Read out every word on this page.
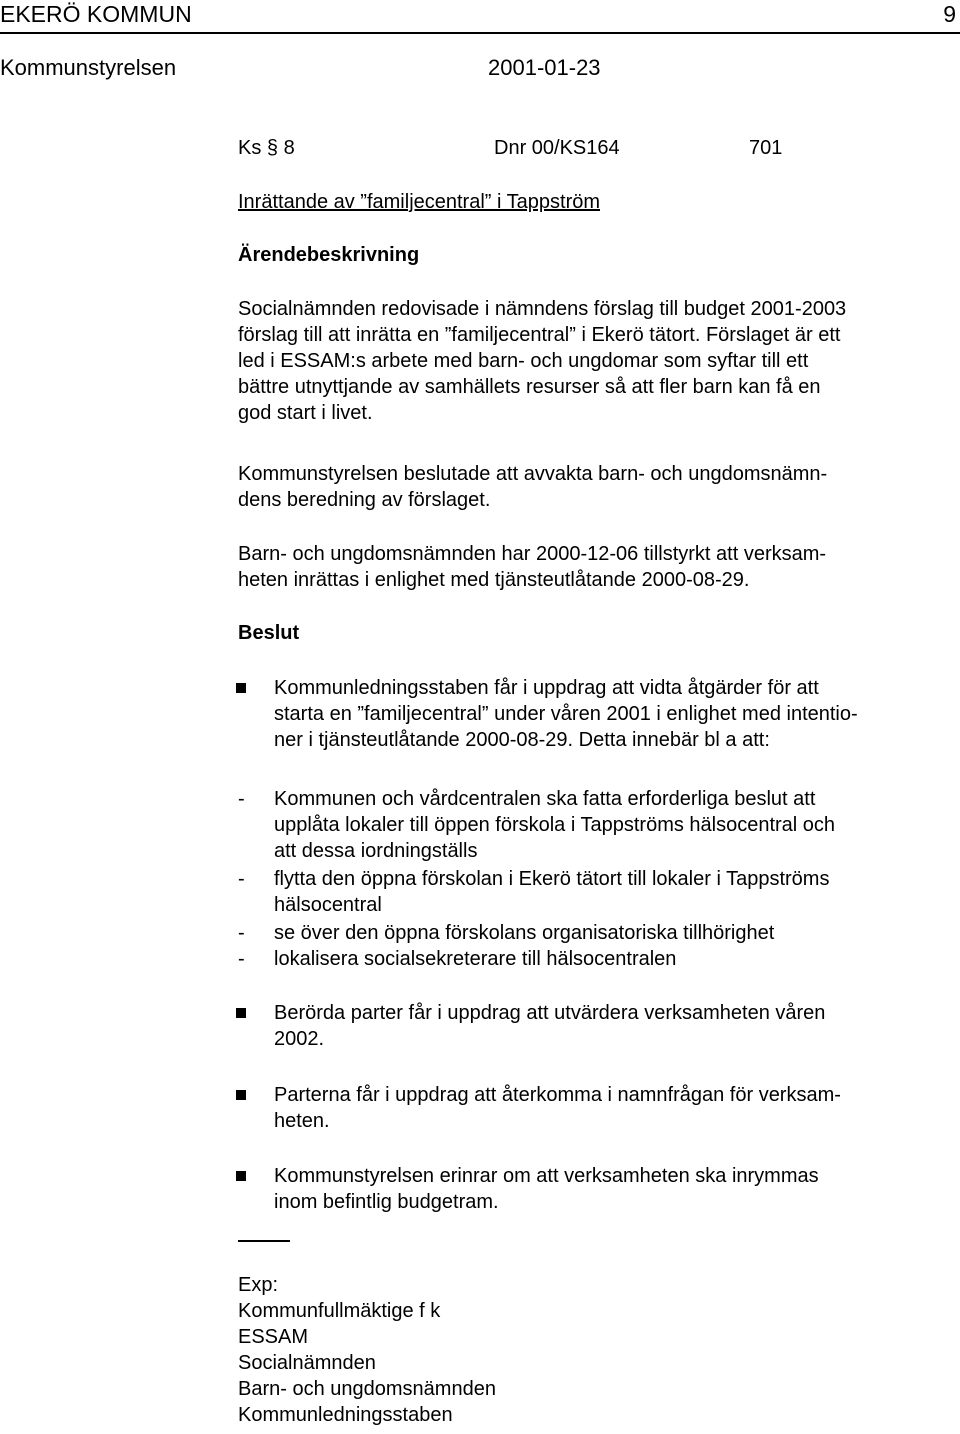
EKERÖ KOMMUN	9
Kommunstyrelsen	2001-01-23
Ks § 8	Dnr 00/KS164	701
Inrättande av ”familjecentral” i Tappström
Ärendebeskrivning
Socialnämnden redovisade i nämndens förslag till budget 2001-2003
förslag till att inrätta en ”familjecentral” i Ekerö tätort. Förslaget är ett
led i ESSAM:s arbete med barn- och ungdomar som syftar till ett
bättre utnyttjande av samhällets resurser så att fler barn kan få en
god start i livet.
Kommunstyrelsen beslutade att avvakta barn- och ungdomsnämn-
dens beredning av förslaget.
Barn- och ungdomsnämnden har 2000-12-06 tillstyrkt att verksam-
heten inrättas i enlighet med tjänsteutlåtande 2000-08-29.
Beslut
Kommunledningsstaben får i uppdrag att vidta åtgärder för att
starta en ”familjecentral” under våren 2001 i enlighet med intentio-
ner i tjänsteutlåtande 2000-08-29. Detta innebär bl a att:
- Kommunen och vårdcentralen ska fatta erforderliga beslut att
upplåta lokaler till öppen förskola i Tappströms hälsocentral och
att dessa iordningställs
- flytta den öppna förskolan i Ekerö tätort till lokaler i Tappströms
hälsocentral
- se över den öppna förskolans organisatoriska tillhörighet
- lokalisera socialsekreterare till hälsocentralen
Berörda parter får i uppdrag att utvärdera verksamheten våren
2002.
Parterna får i uppdrag att återkomma i namnfrågan för verksam-
heten.
Kommunstyrelsen erinrar om att verksamheten ska inrymmas
inom befintlig budgetram.
Exp:
Kommunfullmäktige f k
ESSAM
Socialnämnden
Barn- och ungdomsnämnden
Kommunledningsstaben
